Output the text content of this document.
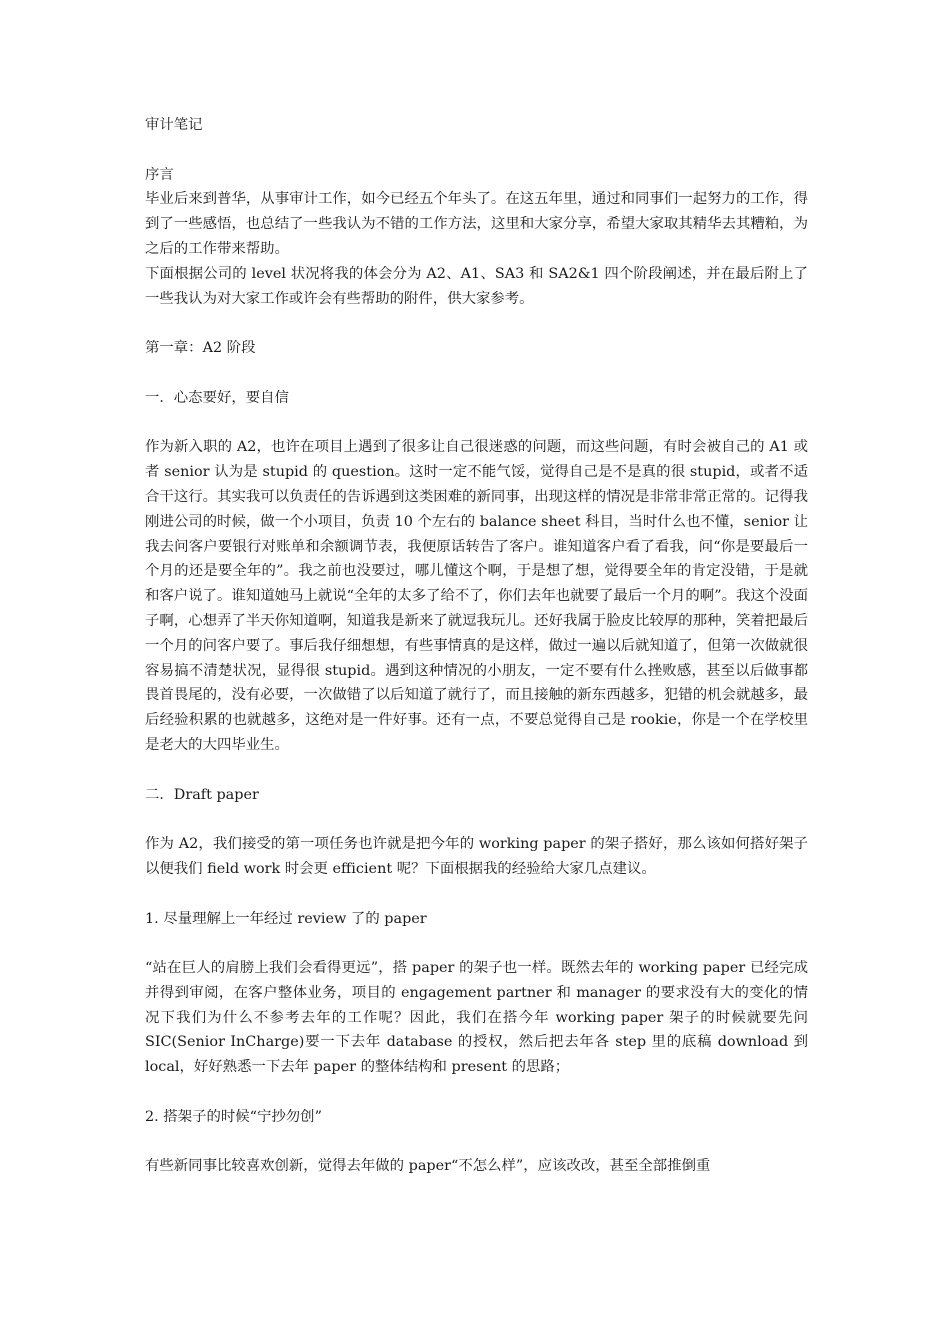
审计笔记

序言

毕业后来到普华，从事审计工作，如今已经五个年头了。在这五年里，通过和同事们一起努力的工作，得到了一些感悟，也总结了一些我认为不错的工作方法，这里和大家分享，希望大家取其精华去其糟粕，为之后的工作带来帮助。

下面根据公司的 level 状况将我的体会分为 A2、A1、SA3 和 SA2&1 四个阶段阐述，并在最后附上了一些我认为对大家工作或许会有些帮助的附件，供大家参考。

第一章：A2 阶段

一．心态要好，要自信

作为新入职的 A2，也许在项目上遇到了很多让自己很迷惑的问题，而这些问题，有时会被自己的 A1 或者 senior 认为是 stupid 的 question。这时一定不能气馁，觉得自己是不是真的很 stupid，或者不适合干这行。其实我可以负责任的告诉遇到这类困难的新同事，出现这样的情况是非常非常正常的。记得我刚进公司的时候，做一个小项目，负责 10 个左右的 balance sheet 科目，当时什么也不懂，senior 让我去问客户要银行对账单和余额调节表，我便原话转告了客户。谁知道客户看了看我，问“你是要最后一个月的还是要全年的”。我之前也没要过，哪儿懂这个啊，于是想了想，觉得要全年的肯定没错，于是就和客户说了。谁知道她马上就说“全年的太多了给不了，你们去年也就要了最后一个月的啊”。我这个没面子啊，心想弄了半天你知道啊，知道我是新来了就逗我玩儿。还好我属于脸皮比较厚的那种，笑着把最后一个月的问客户要了。事后我仔细想想，有些事情真的是这样，做过一遍以后就知道了，但第一次做就很容易搞不清楚状况，显得很 stupid。遇到这种情况的小朋友，一定不要有什么挫败感，甚至以后做事都畏首畏尾的，没有必要，一次做错了以后知道了就行了，而且接触的新东西越多，犯错的机会就越多，最后经验积累的也就越多，这绝对是一件好事。还有一点，不要总觉得自己是 rookie，你是一个在学校里是老大的大四毕业生。

二．Draft paper

作为 A2，我们接受的第一项任务也许就是把今年的 working paper 的架子搭好，那么该如何搭好架子以便我们 field work 时会更 efficient 呢？下面根据我的经验给大家几点建议。

1. 尽量理解上一年经过 review 了的 paper

“站在巨人的肩膀上我们会看得更远”，搭 paper 的架子也一样。既然去年的 working paper 已经完成并得到审阅，在客户整体业务，项目的 engagement partner 和 manager 的要求没有大的变化的情况下我们为什么不参考去年的工作呢？因此，我们在搭今年 working paper 架子的时候就要先问 SIC(Senior InCharge)要一下去年 database 的授权，然后把去年各 step 里的底稿 download 到 local，好好熟悉一下去年 paper 的整体结构和 present 的思路；

2. 搭架子的时候“宁抄勿创”

有些新同事比较喜欢创新，觉得去年做的 paper“不怎么样”，应该改改，甚至全部推倒重
